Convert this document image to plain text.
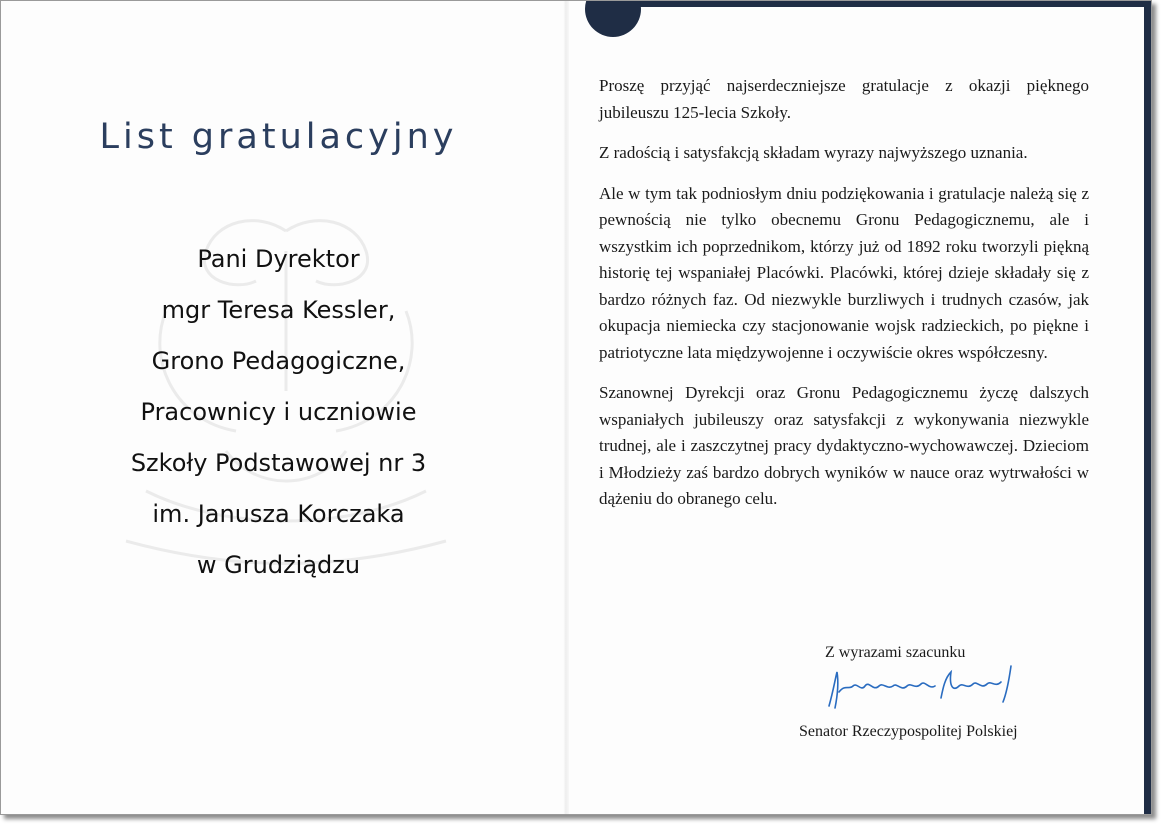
List gratulacyjny
Pani Dyrektor
mgr Teresa Kessler,
Grono Pedagogiczne,
Pracownicy i uczniowie
Szkoły Podstawowej nr 3
im. Janusza Korczaka
w Grudziądzu

Proszę przyjąć najserdeczniejsze gratulacje z okazji pięknego jubileuszu 125-lecia Szkoły.

Z radością i satysfakcją składam wyrazy najwyższego uznania.

Ale w tym tak podniosłym dniu podziękowania i gratulacje należą się z pewnością nie tylko obecnemu Gronu Pedagogicznemu, ale i wszystkim ich poprzednikom, którzy już od 1892 roku tworzyli piękną historię tej wspaniałej Placówki. Placówki, której dzieje składały się z bardzo różnych faz. Od niezwykle burzliwych i trudnych czasów, jak okupacja niemiecka czy stacjonowanie wojsk radzieckich, po piękne i patriotyczne lata międzywojenne i oczywiście okres współczesny.

Szanownej Dyrekcji oraz Gronu Pedagogicznemu życzę dalszych wspaniałych jubileuszy oraz satysfakcji z wykonywania niezwykle trudnej, ale i zaszczytnej pracy dydaktyczno-wychowawczej. Dzieciom i Młodzieży zaś bardzo dobrych wyników w nauce oraz wytrwałości w dążeniu do obranego celu.

Z wyrazami szacunku
Senator Rzeczypospolitej Polskiej
